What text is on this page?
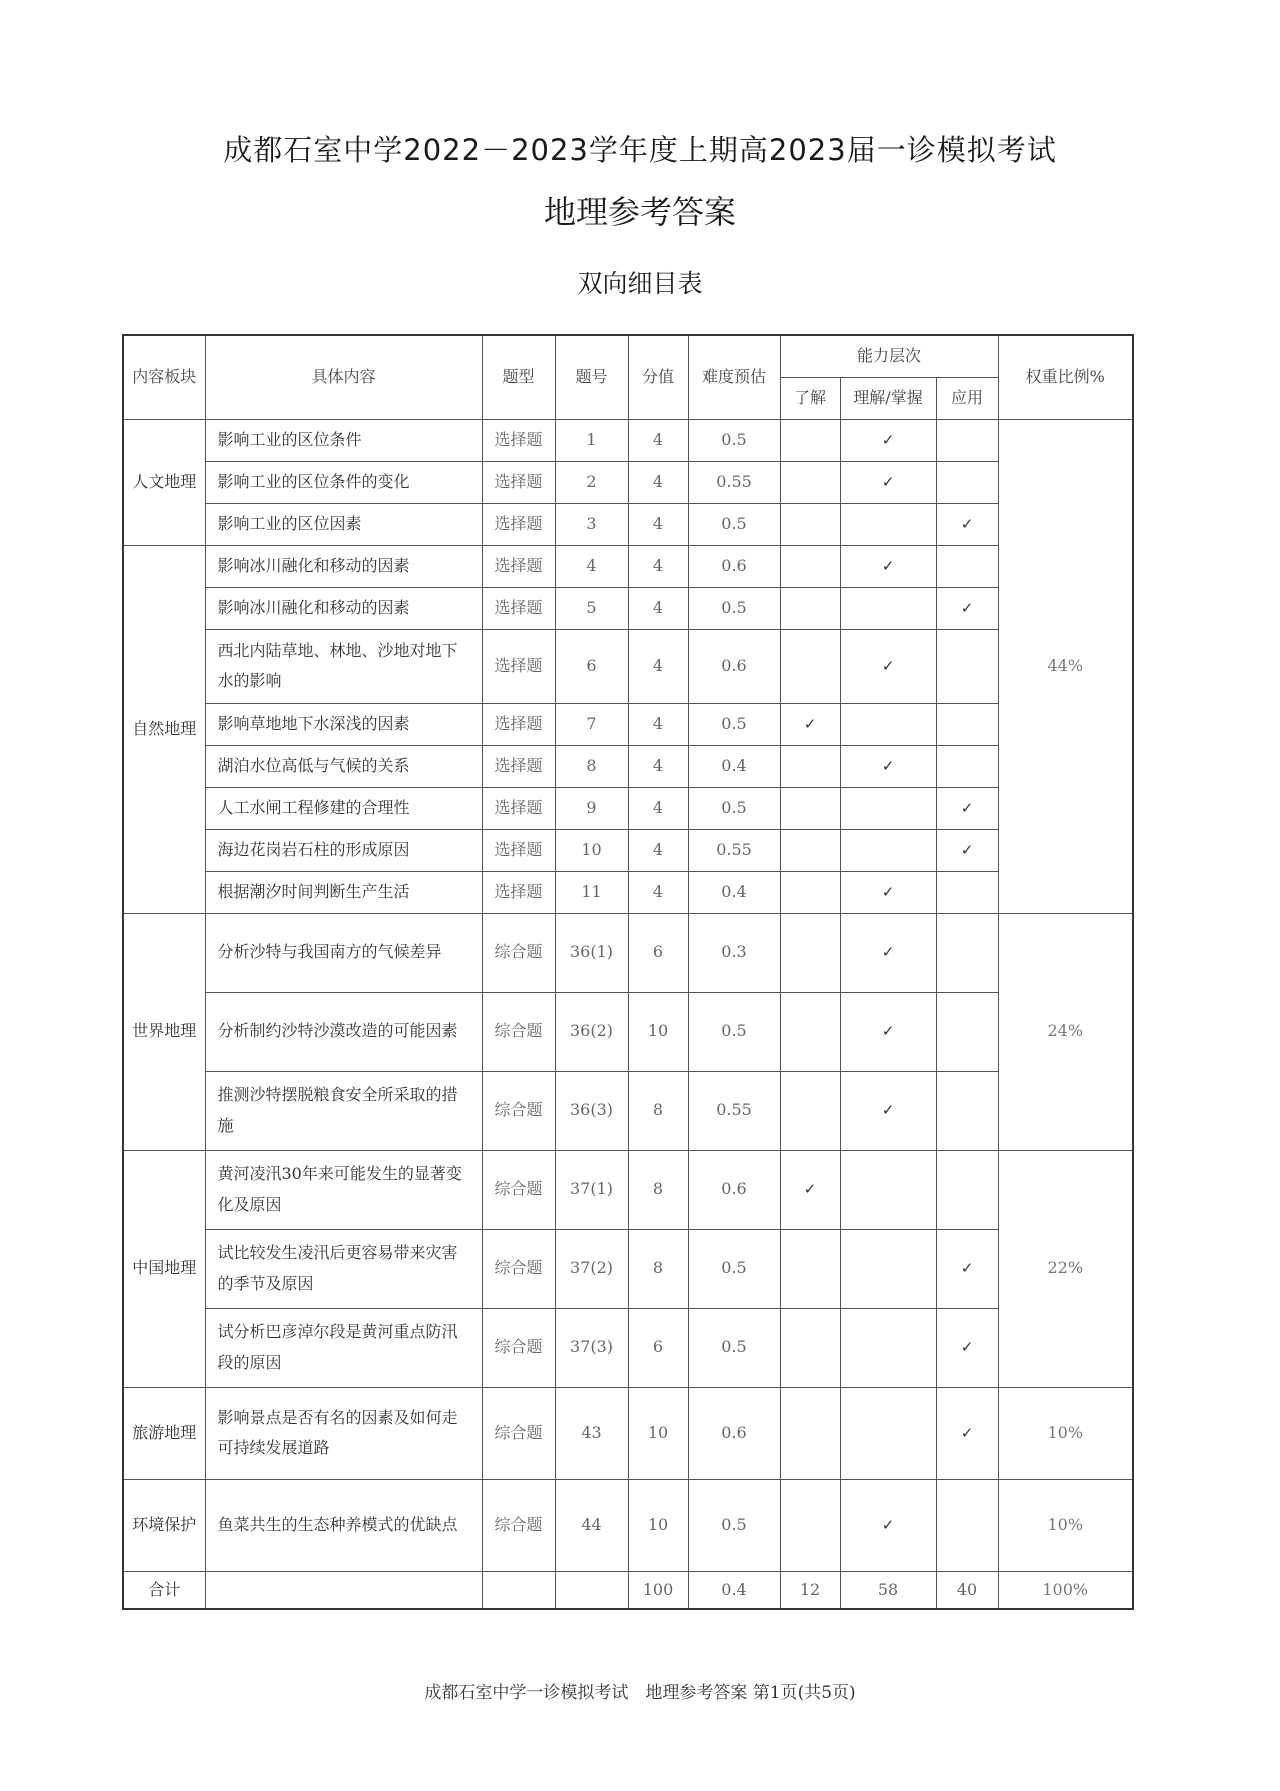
成都石室中学2022－2023学年度上期高2023届一诊模拟考试
地理参考答案
双向细目表
内容板块	具体内容	题型	题号	分值	难度预估	能力层次			权重比例%
						了解	理解/掌握	应用	
人文地理	影响工业的区位条件	选择题	1	4	0.5		✓		44%
	影响工业的区位条件的变化	选择题	2	4	0.55		✓		
	影响工业的区位因素	选择题	3	4	0.5			✓	
自然地理	影响冰川融化和移动的因素	选择题	4	4	0.6		✓		
	影响冰川融化和移动的因素	选择题	5	4	0.5			✓	
	西北内陆草地、林地、沙地对地下水的影响	选择题	6	4	0.6		✓		
	影响草地地下水深浅的因素	选择题	7	4	0.5	✓			
	湖泊水位高低与气候的关系	选择题	8	4	0.4		✓		
	人工水闸工程修建的合理性	选择题	9	4	0.5			✓	
	海边花岗岩石柱的形成原因	选择题	10	4	0.55			✓	
	根据潮汐时间判断生产生活	选择题	11	4	0.4		✓		
世界地理	分析沙特与我国南方的气候差异	综合题	36(1)	6	0.3		✓		24%
	分析制约沙特沙漠改造的可能因素	综合题	36(2)	10	0.5		✓		
	推测沙特摆脱粮食安全所采取的措施	综合题	36(3)	8	0.55		✓		
中国地理	黄河凌汛30年来可能发生的显著变化及原因	综合题	37(1)	8	0.6	✓			22%
	试比较发生凌汛后更容易带来灾害的季节及原因	综合题	37(2)	8	0.5			✓	
	试分析巴彦淖尔段是黄河重点防汛段的原因	综合题	37(3)	6	0.5			✓	
旅游地理	影响景点是否有名的因素及如何走可持续发展道路	综合题	43	10	0.6			✓	10%
环境保护	鱼菜共生的生态种养模式的优缺点	综合题	44	10	0.5		✓		10%
合计				100	0.4	12	58	40	100%
成都石室中学一诊模拟考试　地理参考答案 第1页(共5页)
